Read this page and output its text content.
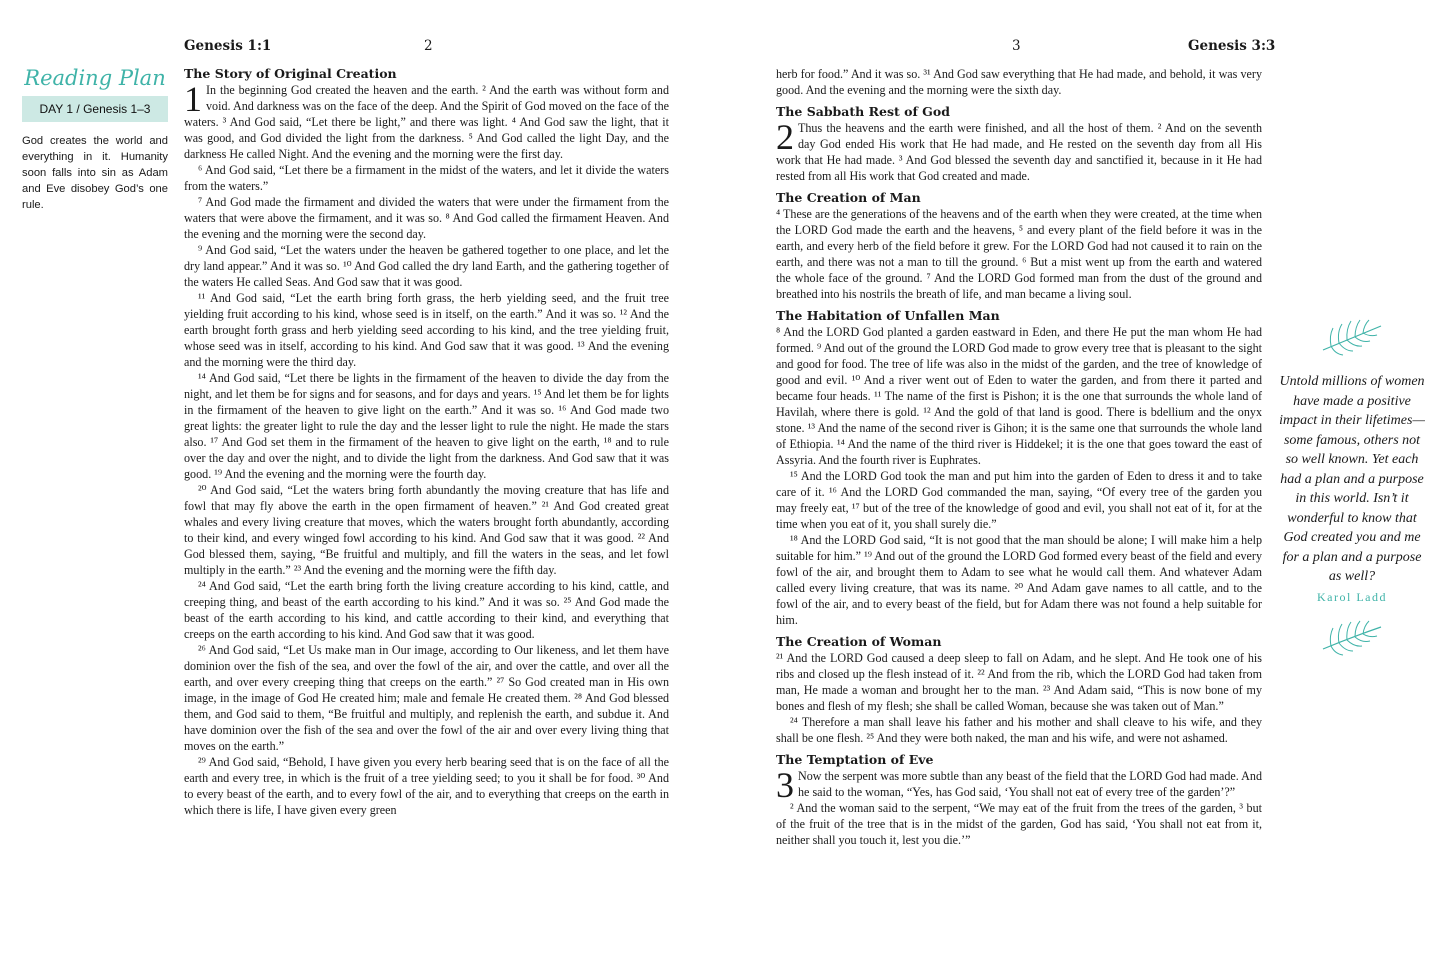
Genesis 1:1	2	3	Genesis 3:3
Reading Plan
DAY 1 / Genesis 1–3
God creates the world and everything in it. Humanity soon falls into sin as Adam and Eve disobey God’s one rule.
The Story of Original Creation

1 In the beginning God created the heaven and the earth. ² And the earth was without form and void. And darkness was on the face of the deep. And the Spirit of God moved on the face of the waters. ³ And God said, “Let there be light,” and there was light. ⁴ And God saw the light, that it was good, and God divided the light from the darkness. ⁵ And God called the light Day, and the darkness He called Night. And the evening and the morning were the first day.

⁶ And God said, “Let there be a firmament in the midst of the waters, and let it divide the waters from the waters.”

⁷ And God made the firmament and divided the waters that were under the firmament from the waters that were above the firmament, and it was so. ⁸ And God called the firmament Heaven. And the evening and the morning were the second day.

⁹ And God said, “Let the waters under the heaven be gathered together to one place, and let the dry land appear.” And it was so. ¹⁰ And God called the dry land Earth, and the gathering together of the waters He called Seas. And God saw that it was good.

¹¹ And God said, “Let the earth bring forth grass, the herb yielding seed, and the fruit tree yielding fruit according to his kind, whose seed is in itself, on the earth.” And it was so. ¹² And the earth brought forth grass and herb yielding seed according to his kind, and the tree yielding fruit, whose seed was in itself, according to his kind. And God saw that it was good. ¹³ And the evening and the morning were the third day.

¹⁴ And God said, “Let there be lights in the firmament of the heaven to divide the day from the night, and let them be for signs and for seasons, and for days and years. ¹⁵ And let them be for lights in the firmament of the heaven to give light on the earth.” And it was so. ¹⁶ And God made two great lights: the greater light to rule the day and the lesser light to rule the night. He made the stars also. ¹⁷ And God set them in the firmament of the heaven to give light on the earth, ¹⁸ and to rule over the day and over the night, and to divide the light from the darkness. And God saw that it was good. ¹⁹ And the evening and the morning were the fourth day.

²⁰ And God said, “Let the waters bring forth abundantly the moving creature that has life and fowl that may fly above the earth in the open firmament of heaven.” ²¹ And God created great whales and every living creature that moves, which the waters brought forth abundantly, according to their kind, and every winged fowl according to his kind. And God saw that it was good. ²² And God blessed them, saying, “Be fruitful and multiply, and fill the waters in the seas, and let fowl multiply in the earth.” ²³ And the evening and the morning were the fifth day.

²⁴ And God said, “Let the earth bring forth the living creature according to his kind, cattle, and creeping thing, and beast of the earth according to his kind.” And it was so. ²⁵ And God made the beast of the earth according to his kind, and cattle according to their kind, and everything that creeps on the earth according to his kind. And God saw that it was good.

²⁶ And God said, “Let Us make man in Our image, according to Our likeness, and let them have dominion over the fish of the sea, and over the fowl of the air, and over the cattle, and over all the earth, and over every creeping thing that creeps on the earth.” ²⁷ So God created man in His own image, in the image of God He created him; male and female He created them. ²⁸ And God blessed them, and God said to them, “Be fruitful and multiply, and replenish the earth, and subdue it. And have dominion over the fish of the sea and over the fowl of the air and over every living thing that moves on the earth.”

²⁹ And God said, “Behold, I have given you every herb bearing seed that is on the face of all the earth and every tree, in which is the fruit of a tree yielding seed; to you it shall be for food. ³⁰ And to every beast of the earth, and to every fowl of the air, and to everything that creeps on the earth in which there is life, I have given every green

herb for food.” And it was so. ³¹ And God saw everything that He had made, and behold, it was very good. And the evening and the morning were the sixth day.

The Sabbath Rest of God

2 Thus the heavens and the earth were finished, and all the host of them. ² And on the seventh day God ended His work that He had made, and He rested on the seventh day from all His work that He had made. ³ And God blessed the seventh day and sanctified it, because in it He had rested from all His work that God created and made.

The Creation of Man

⁴ These are the generations of the heavens and of the earth when they were created, at the time when the LORD God made the earth and the heavens, ⁵ and every plant of the field before it was in the earth, and every herb of the field before it grew. For the LORD God had not caused it to rain on the earth, and there was not a man to till the ground. ⁶ But a mist went up from the earth and watered the whole face of the ground. ⁷ And the LORD God formed man from the dust of the ground and breathed into his nostrils the breath of life, and man became a living soul.

The Habitation of Unfallen Man

⁸ And the LORD God planted a garden eastward in Eden, and there He put the man whom He had formed. ⁹ And out of the ground the LORD God made to grow every tree that is pleasant to the sight and good for food. The tree of life was also in the midst of the garden, and the tree of knowledge of good and evil. ¹⁰ And a river went out of Eden to water the garden, and from there it parted and became four heads. ¹¹ The name of the first is Pishon; it is the one that surrounds the whole land of Havilah, where there is gold. ¹² And the gold of that land is good. There is bdellium and the onyx stone. ¹³ And the name of the second river is Gihon; it is the same one that surrounds the whole land of Ethiopia. ¹⁴ And the name of the third river is Hiddekel; it is the one that goes toward the east of Assyria. And the fourth river is Euphrates.

¹⁵ And the LORD God took the man and put him into the garden of Eden to dress it and to take care of it. ¹⁶ And the LORD God commanded the man, saying, “Of every tree of the garden you may freely eat, ¹⁷ but of the tree of the knowledge of good and evil, you shall not eat of it, for at the time when you eat of it, you shall surely die.”

¹⁸ And the LORD God said, “It is not good that the man should be alone; I will make him a help suitable for him.” ¹⁹ And out of the ground the LORD God formed every beast of the field and every fowl of the air, and brought them to Adam to see what he would call them. And whatever Adam called every living creature, that was its name. ²⁰ And Adam gave names to all cattle, and to the fowl of the air, and to every beast of the field, but for Adam there was not found a help suitable for him.

The Creation of Woman

²¹ And the LORD God caused a deep sleep to fall on Adam, and he slept. And He took one of his ribs and closed up the flesh instead of it. ²² And from the rib, which the LORD God had taken from man, He made a woman and brought her to the man. ²³ And Adam said, “This is now bone of my bones and flesh of my flesh; she shall be called Woman, because she was taken out of Man.”

²⁴ Therefore a man shall leave his father and his mother and shall cleave to his wife, and they shall be one flesh. ²⁵ And they were both naked, the man and his wife, and were not ashamed.

The Temptation of Eve

3 Now the serpent was more subtle than any beast of the field that the LORD God had made. And he said to the woman, “Yes, has God said, ‘You shall not eat of every tree of the garden’?”

² And the woman said to the serpent, “We may eat of the fruit from the trees of the garden, ³ but of the fruit of the tree that is in the midst of the garden, God has said, ‘You shall not eat from it, neither shall you touch it, lest you die.’”

Untold millions of women have made a positive impact in their lifetimes—some famous, others not so well known. Yet each had a plan and a purpose in this world. Isn’t it wonderful to know that God created you and me for a plan and a purpose as well?
Karol Ladd
